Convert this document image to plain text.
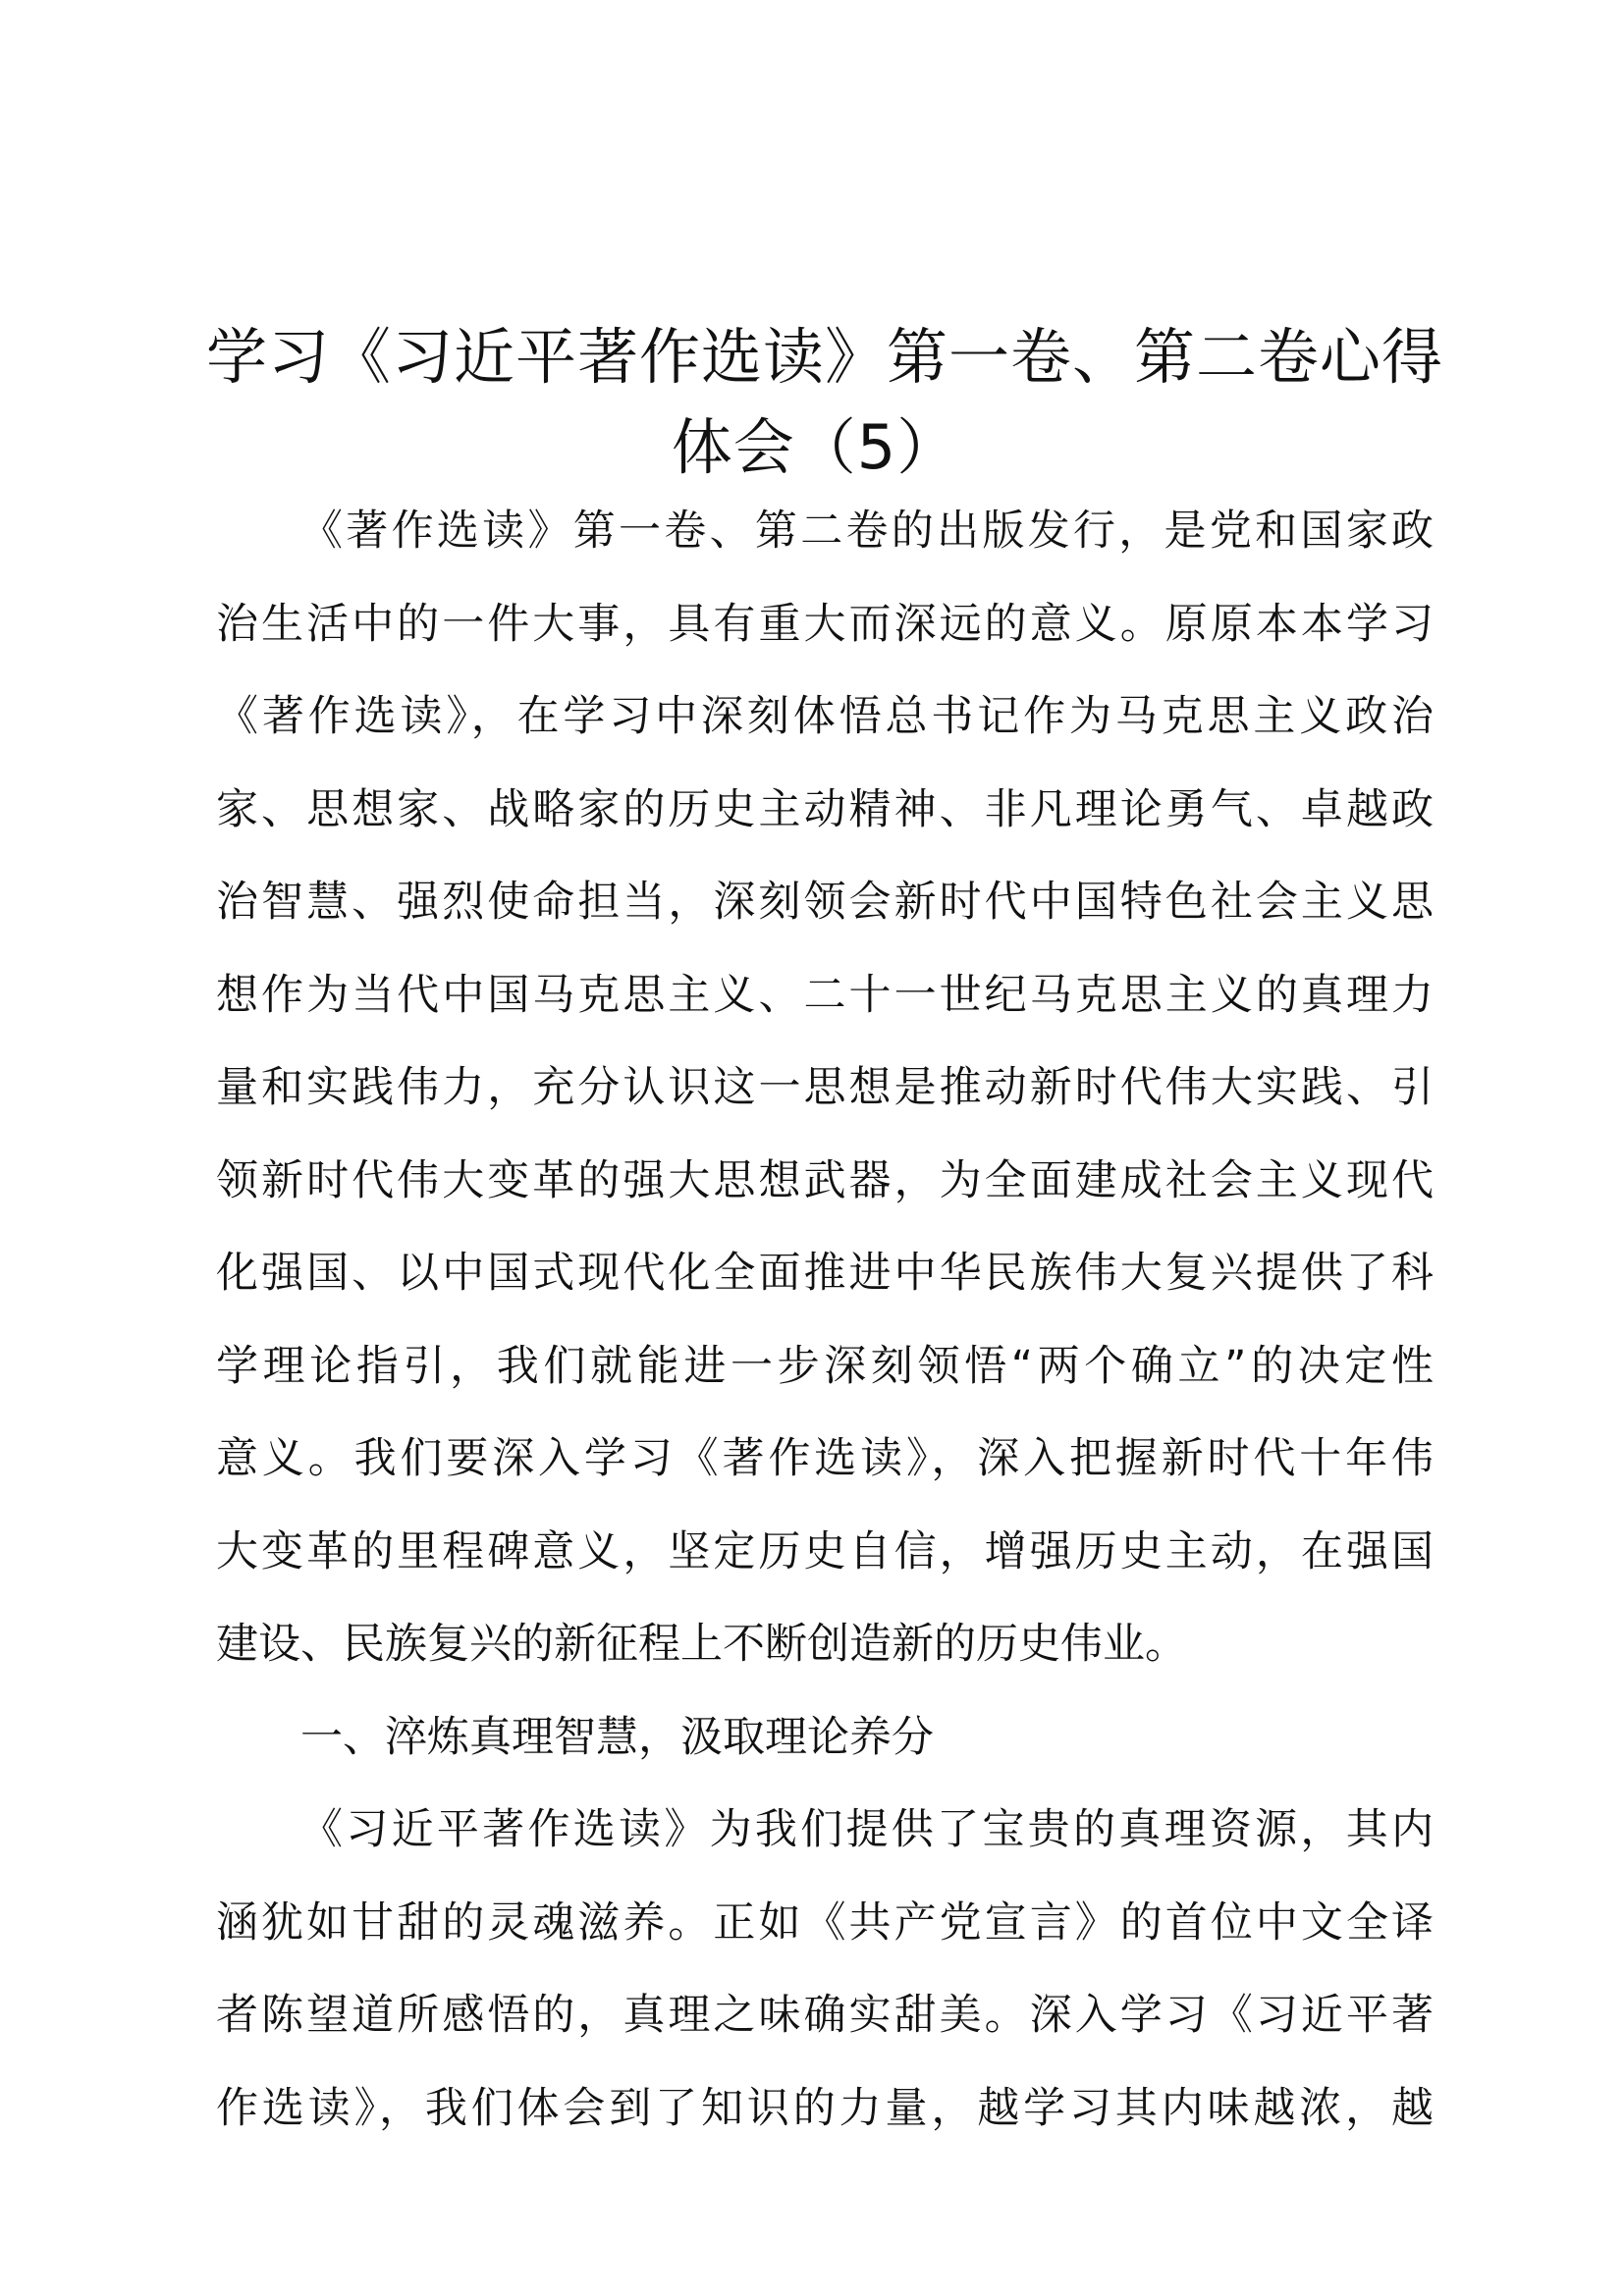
学习《习近平著作选读》第一卷、第二卷心得
体会（5）
《著作选读》第一卷、第二卷的出版发行，是党和国家政
治生活中的一件大事，具有重大而深远的意义。原原本本学习
《著作选读》，在学习中深刻体悟总书记作为马克思主义政治
家、思想家、战略家的历史主动精神、非凡理论勇气、卓越政
治智慧、强烈使命担当，深刻领会新时代中国特色社会主义思
想作为当代中国马克思主义、二十一世纪马克思主义的真理力
量和实践伟力，充分认识这一思想是推动新时代伟大实践、引
领新时代伟大变革的强大思想武器，为全面建成社会主义现代
化强国、以中国式现代化全面推进中华民族伟大复兴提供了科
学理论指引，我们就能进一步深刻领悟“两个确立”的决定性
意义。我们要深入学习《著作选读》，深入把握新时代十年伟
大变革的里程碑意义，坚定历史自信，增强历史主动，在强国
建设、民族复兴的新征程上不断创造新的历史伟业。
一、淬炼真理智慧，汲取理论养分
《习近平著作选读》为我们提供了宝贵的真理资源，其内
涵犹如甘甜的灵魂滋养。正如《共产党宣言》的首位中文全译
者陈望道所感悟的，真理之味确实甜美。深入学习《习近平著
作选读》，我们体会到了知识的力量，越学习其内味越浓，越
